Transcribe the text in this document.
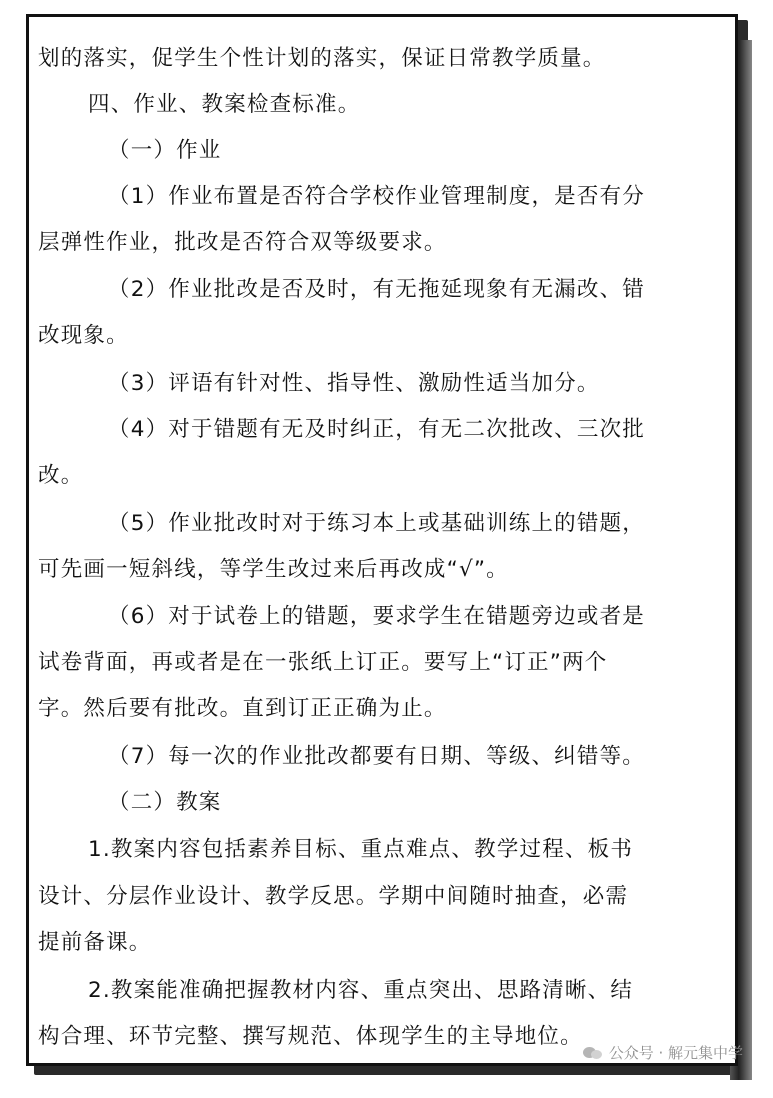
划的落实，促学生个性计划的落实，保证日常教学质量。
四、作业、教案检查标准。
（一）作业
（1）作业布置是否符合学校作业管理制度，是否有分
层弹性作业，批改是否符合双等级要求。
（2）作业批改是否及时，有无拖延现象有无漏改、错
改现象。
（3）评语有针对性、指导性、激励性适当加分。
（4）对于错题有无及时纠正，有无二次批改、三次批
改。
（5）作业批改时对于练习本上或基础训练上的错题，
可先画一短斜线，等学生改过来后再改成“√”。
（6）对于试卷上的错题，要求学生在错题旁边或者是
试卷背面，再或者是在一张纸上订正。要写上“订正”两个
字。然后要有批改。直到订正正确为止。
（7）每一次的作业批改都要有日期、等级、纠错等。
（二）教案
1.教案内容包括素养目标、重点难点、教学过程、板书
设计、分层作业设计、教学反思。学期中间随时抽查，必需
提前备课。
2.教案能准确把握教材内容、重点突出、思路清晰、结
构合理、环节完整、撰写规范、体现学生的主导地位。
公众号 · 解元集中学
